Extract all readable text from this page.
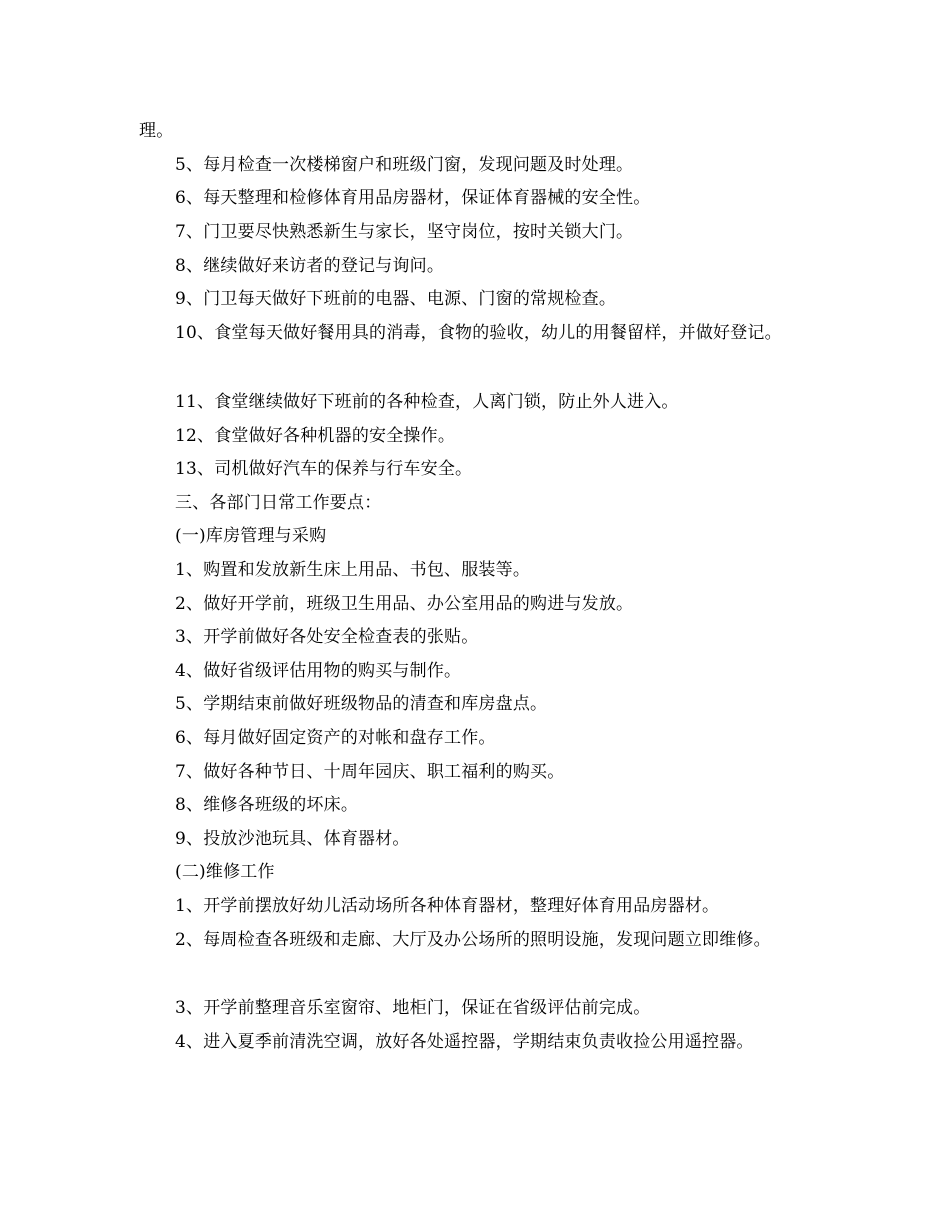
理。
5、每月检查一次楼梯窗户和班级门窗，发现问题及时处理。
6、每天整理和检修体育用品房器材，保证体育器械的安全性。
7、门卫要尽快熟悉新生与家长，坚守岗位，按时关锁大门。
8、继续做好来访者的登记与询问。
9、门卫每天做好下班前的电器、电源、门窗的常规检查。
10、食堂每天做好餐用具的消毒，食物的验收，幼儿的用餐留样，并做好登记。
11、食堂继续做好下班前的各种检查，人离门锁，防止外人进入。
12、食堂做好各种机器的安全操作。
13、司机做好汽车的保养与行车安全。
三、各部门日常工作要点：
(一)库房管理与采购
1、购置和发放新生床上用品、书包、服装等。
2、做好开学前，班级卫生用品、办公室用品的购进与发放。
3、开学前做好各处安全检查表的张贴。
4、做好省级评估用物的购买与制作。
5、学期结束前做好班级物品的清查和库房盘点。
6、每月做好固定资产的对帐和盘存工作。
7、做好各种节日、十周年园庆、职工福利的购买。
8、维修各班级的坏床。
9、投放沙池玩具、体育器材。
(二)维修工作
1、开学前摆放好幼儿活动场所各种体育器材，整理好体育用品房器材。
2、每周检查各班级和走廊、大厅及办公场所的照明设施，发现问题立即维修。
3、开学前整理音乐室窗帘、地柜门，保证在省级评估前完成。
4、进入夏季前清洗空调，放好各处遥控器，学期结束负责收捡公用遥控器。
